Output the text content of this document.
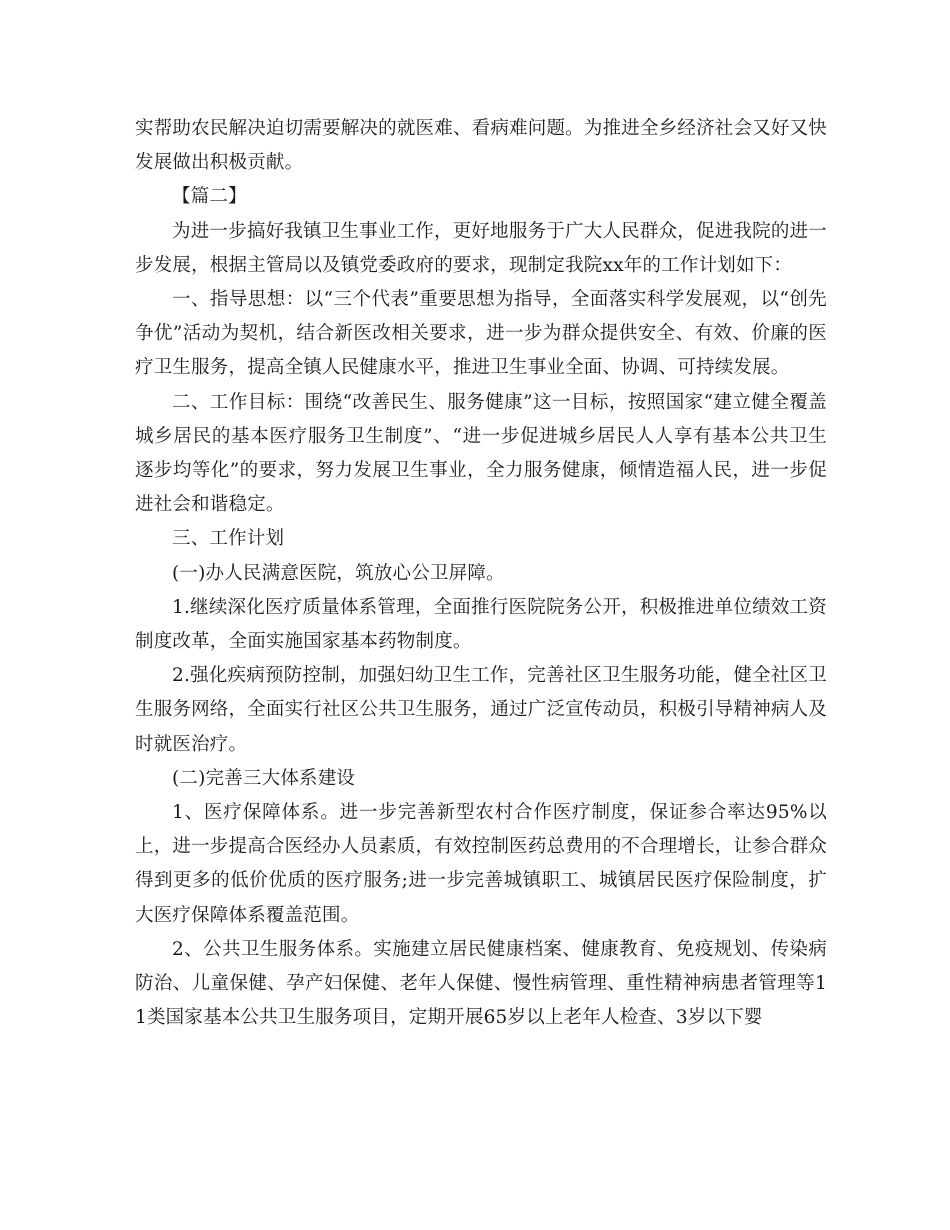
实帮助农民解决迫切需要解决的就医难、看病难问题。为推进全乡经济社会又好又快发展做出积极贡献。

【篇二】

为进一步搞好我镇卫生事业工作，更好地服务于广大人民群众，促进我院的进一步发展，根据主管局以及镇党委政府的要求，现制定我院xx年的工作计划如下：

一、指导思想：以“三个代表”重要思想为指导，全面落实科学发展观，以“创先争优”活动为契机，结合新医改相关要求，进一步为群众提供安全、有效、价廉的医疗卫生服务，提高全镇人民健康水平，推进卫生事业全面、协调、可持续发展。

二、工作目标：围绕“改善民生、服务健康”这一目标，按照国家“建立健全覆盖城乡居民的基本医疗服务卫生制度”、“进一步促进城乡居民人人享有基本公共卫生逐步均等化”的要求，努力发展卫生事业，全力服务健康，倾情造福人民，进一步促进社会和谐稳定。

三、工作计划

(一)办人民满意医院，筑放心公卫屏障。

1.继续深化医疗质量体系管理，全面推行医院院务公开，积极推进单位绩效工资制度改革，全面实施国家基本药物制度。

2.强化疾病预防控制，加强妇幼卫生工作，完善社区卫生服务功能，健全社区卫生服务网络，全面实行社区公共卫生服务，通过广泛宣传动员，积极引导精神病人及时就医治疗。

(二)完善三大体系建设

1、医疗保障体系。进一步完善新型农村合作医疗制度，保证参合率达95%以上，进一步提高合医经办人员素质，有效控制医药总费用的不合理增长，让参合群众得到更多的低价优质的医疗服务;进一步完善城镇职工、城镇居民医疗保险制度，扩大医疗保障体系覆盖范围。

2、公共卫生服务体系。实施建立居民健康档案、健康教育、免疫规划、传染病防治、儿童保健、孕产妇保健、老年人保健、慢性病管理、重性精神病患者管理等11类国家基本公共卫生服务项目，定期开展65岁以上老年人检查、3岁以下婴
